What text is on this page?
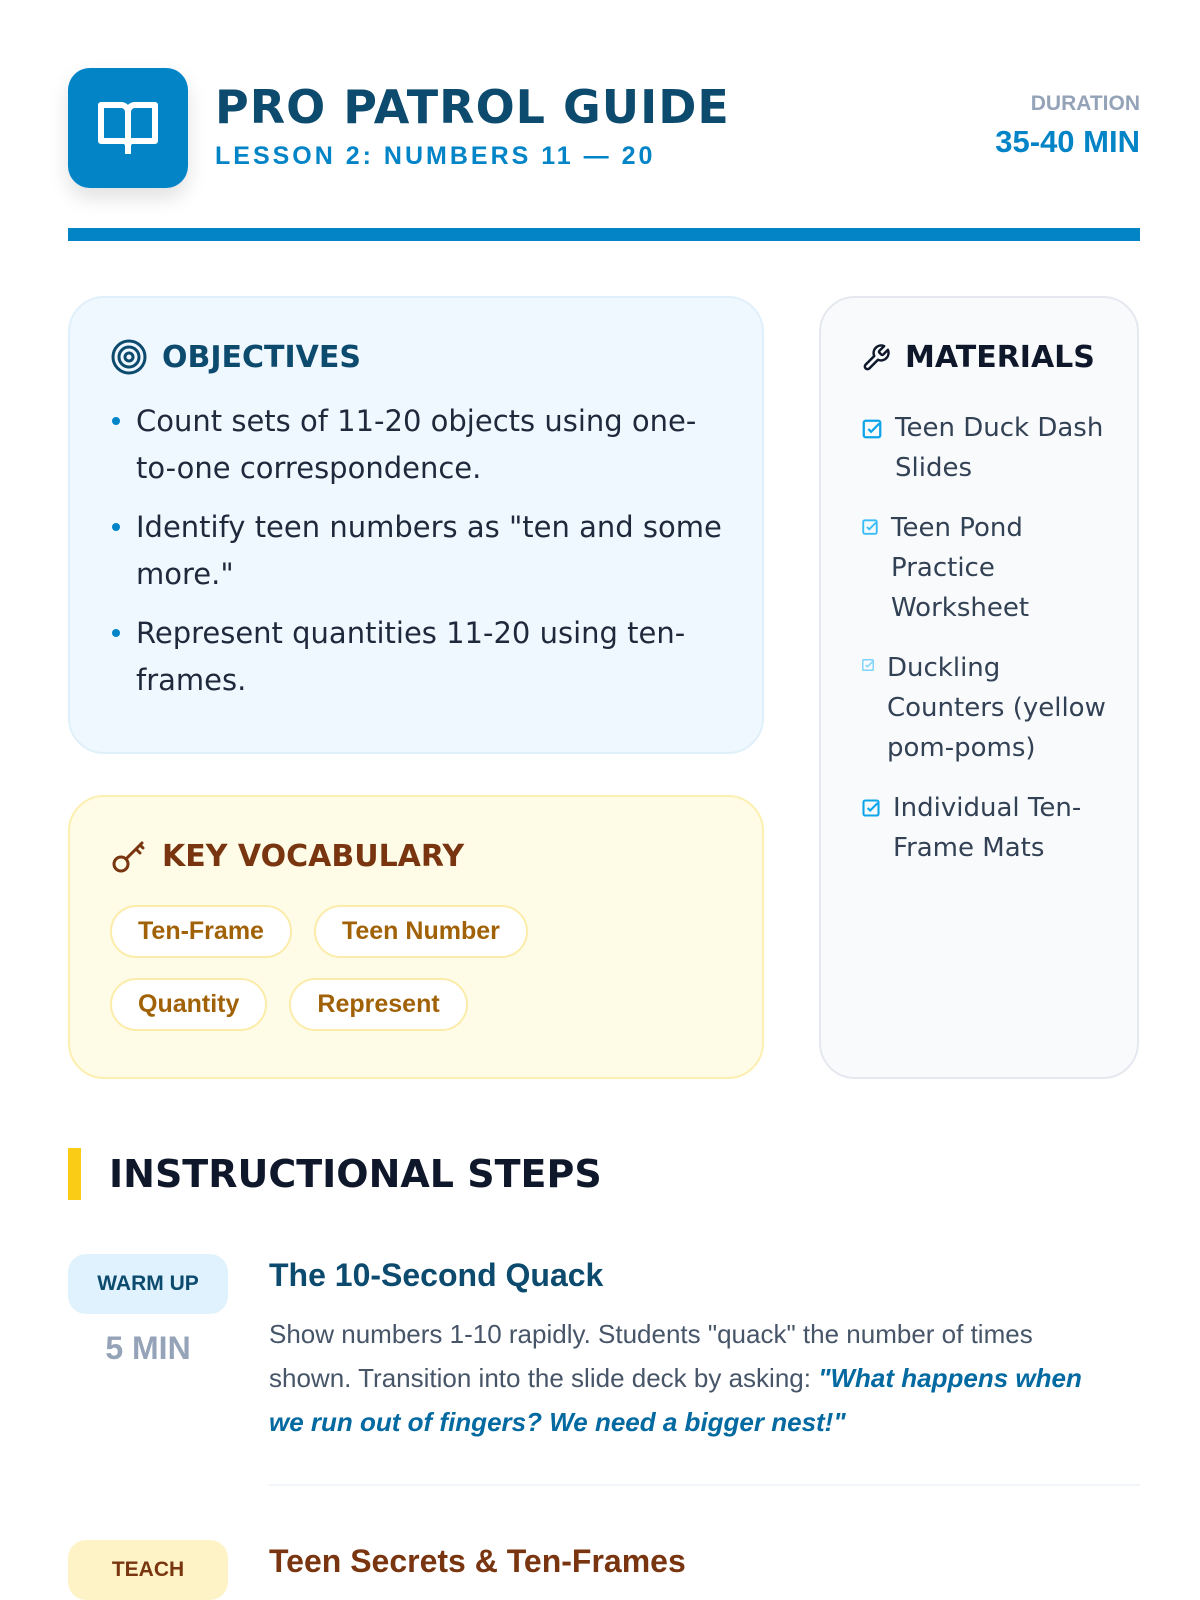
PRO PATROL GUIDE
LESSON 2: NUMBERS 11 — 20
DURATION
35-40 MIN
OBJECTIVES
Count sets of 11-20 objects using one-to-one correspondence.
Identify teen numbers as "ten and some more."
Represent quantities 11-20 using ten-frames.
MATERIALS
Teen Duck Dash Slides
Teen Pond Practice Worksheet
Duckling Counters (yellow pom-poms)
Individual Ten-Frame Mats
KEY VOCABULARY
Ten-Frame	Teen Number
Quantity	Represent
INSTRUCTIONAL STEPS
WARM UP
5 MIN
The 10-Second Quack
Show numbers 1-10 rapidly. Students "quack" the number of times shown. Transition into the slide deck by asking: "What happens when we run out of fingers? We need a bigger nest!"
TEACH	Teen Secrets & Ten-Frames
